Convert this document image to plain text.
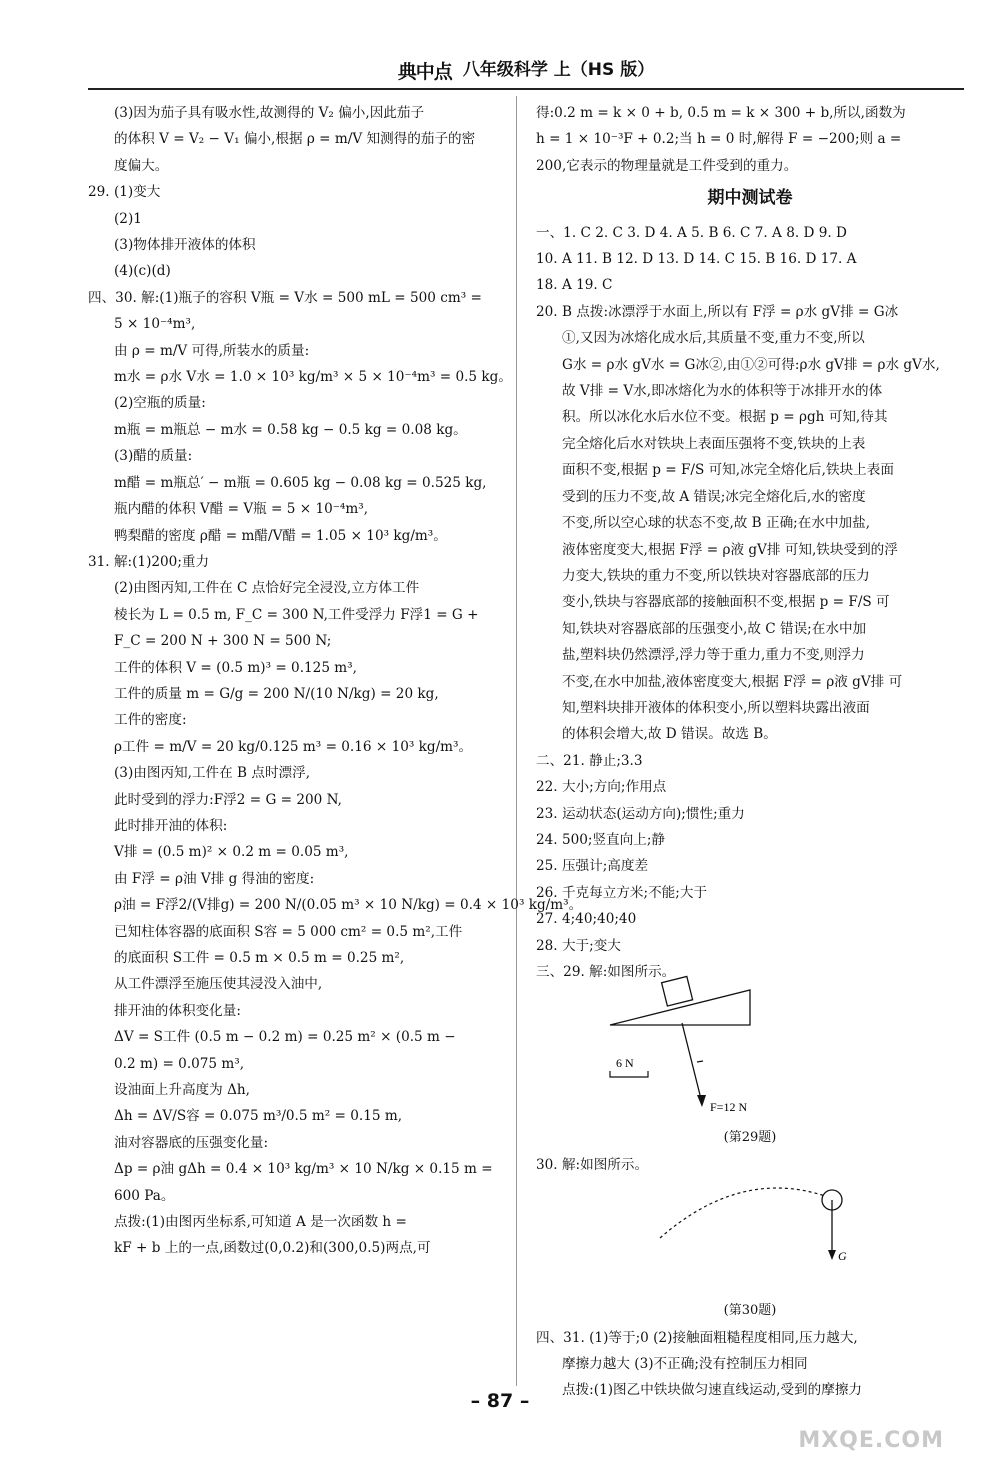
典中点 八年级科学 上（HS 版）
(3)因为茄子具有吸水性,故测得的 V₂ 偏小,因此茄子
的体积 V = V₂ − V₁ 偏小,根据 ρ = m/V 知测得的茄子的密
度偏大。
29. (1)变大
(2)1
(3)物体排开液体的体积
(4)(c)(d)
四、30. 解:(1)瓶子的容积 V瓶 = V水 = 500 mL = 500 cm³ =
5 × 10⁻⁴m³,
由 ρ = m/V 可得,所装水的质量:
m水 = ρ水 V水 = 1.0 × 10³ kg/m³ × 5 × 10⁻⁴m³ = 0.5 kg。
(2)空瓶的质量:
m瓶 = m瓶总 − m水 = 0.58 kg − 0.5 kg = 0.08 kg。
(3)醋的质量:
m醋 = m瓶总′ − m瓶 = 0.605 kg − 0.08 kg = 0.525 kg,
瓶内醋的体积 V醋 = V瓶 = 5 × 10⁻⁴m³,
鸭梨醋的密度 ρ醋 = m醋/V醋 = 1.05 × 10³ kg/m³。
31. 解:(1)200;重力
(2)由图丙知,工件在 C 点恰好完全浸没,立方体工件
棱长为 L = 0.5 m, F_C = 300 N,工件受浮力 F浮1 = G +
F_C = 200 N + 300 N = 500 N;
工件的体积 V = (0.5 m)³ = 0.125 m³,
工件的质量 m = G/g = 200 N/(10 N/kg) = 20 kg,
工件的密度:
ρ工件 = m/V = 20 kg/0.125 m³ = 0.16 × 10³ kg/m³。
(3)由图丙知,工件在 B 点时漂浮,
此时受到的浮力:F浮2 = G = 200 N,
此时排开油的体积:
V排 = (0.5 m)² × 0.2 m = 0.05 m³,
由 F浮 = ρ油 V排 g 得油的密度:
ρ油 = F浮2/(V排g) = 200 N/(0.05 m³ × 10 N/kg) = 0.4 × 10³ kg/m³。
已知柱体容器的底面积 S容 = 5 000 cm² = 0.5 m²,工件
的底面积 S工件 = 0.5 m × 0.5 m = 0.25 m²,
从工件漂浮至施压使其浸没入油中,
排开油的体积变化量:
ΔV = S工件 (0.5 m − 0.2 m) = 0.25 m² × (0.5 m −
0.2 m) = 0.075 m³,
设油面上升高度为 Δh,
Δh = ΔV/S容 = 0.075 m³/0.5 m² = 0.15 m,
油对容器底的压强变化量:
Δp = ρ油 gΔh = 0.4 × 10³ kg/m³ × 10 N/kg × 0.15 m =
600 Pa。
点拨:(1)由图丙坐标系,可知道 A 是一次函数 h =
kF + b 上的一点,函数过(0,0.2)和(300,0.5)两点,可
得:0.2 m = k × 0 + b, 0.5 m = k × 300 + b,所以,函数为
h = 1 × 10⁻³F + 0.2;当 h = 0 时,解得 F = −200;则 a =
200,它表示的物理量就是工件受到的重力。
期中测试卷
一、1. C 2. C 3. D 4. A 5. B 6. C 7. A 8. D 9. D
10. A 11. B 12. D 13. D 14. C 15. B 16. D 17. A
18. A 19. C
20. B 点拨:冰漂浮于水面上,所以有 F浮 = ρ水 gV排 = G冰
①,又因为冰熔化成水后,其质量不变,重力不变,所以
G水 = ρ水 gV水 = G冰②,由①②可得:ρ水 gV排 = ρ水 gV水,
故 V排 = V水,即冰熔化为水的体积等于冰排开水的体
积。所以冰化水后水位不变。根据 p = ρgh 可知,待其
完全熔化后水对铁块上表面压强将不变,铁块的上表
面积不变,根据 p = F/S 可知,冰完全熔化后,铁块上表面
受到的压力不变,故 A 错误;冰完全熔化后,水的密度
不变,所以空心球的状态不变,故 B 正确;在水中加盐,
液体密度变大,根据 F浮 = ρ液 gV排 可知,铁块受到的浮
力变大,铁块的重力不变,所以铁块对容器底部的压力
变小,铁块与容器底部的接触面积不变,根据 p = F/S 可
知,铁块对容器底部的压强变小,故 C 错误;在水中加
盐,塑料块仍然漂浮,浮力等于重力,重力不变,则浮力
不变,在水中加盐,液体密度变大,根据 F浮 = ρ液 gV排 可
知,塑料块排开液体的体积变小,所以塑料块露出液面
的体积会增大,故 D 错误。故选 B。
二、21. 静止;3.3
22. 大小;方向;作用点
23. 运动状态(运动方向);惯性;重力
24. 500;竖直向上;静
25. 压强计;高度差
26. 千克每立方米;不能;大于
27. 4;40;40;40
28. 大于;变大
三、29. 解:如图所示。
6 N
F=12 N
(第29题)
30. 解:如图所示。
G
(第30题)
四、31. (1)等于;0 (2)接触面粗糙程度相同,压力越大,
摩擦力越大 (3)不正确;没有控制压力相同
点拨:(1)图乙中铁块做匀速直线运动,受到的摩擦力
– 87 –
MXQE.COM
